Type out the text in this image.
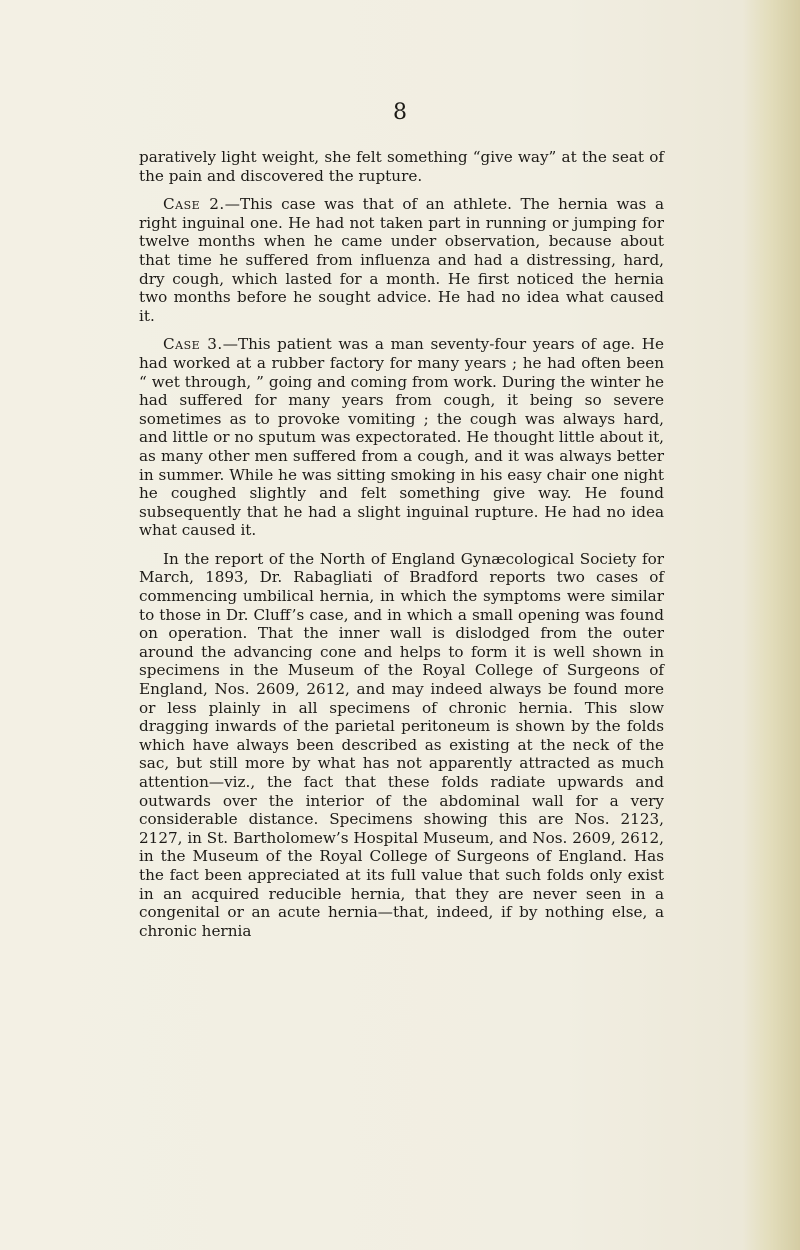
8

paratively light weight, she felt something “give way” at the seat of the pain and discovered the rupture.

Case 2.—This case was that of an athlete. The hernia was a right inguinal one. He had not taken part in running or jumping for twelve months when he came under observation, because about that time he suffered from influenza and had a distressing, hard, dry cough, which lasted for a month. He first noticed the hernia two months before he sought advice. He had no idea what caused it.

Case 3.—This patient was a man seventy-four years of age. He had worked at a rubber factory for many years ; he had often been “ wet through, ” going and coming from work. During the winter he had suffered for many years from cough, it being so severe sometimes as to provoke vomiting ; the cough was always hard, and little or no sputum was expectorated. He thought little about it, as many other men suffered from a cough, and it was always better in summer. While he was sitting smoking in his easy chair one night he coughed slightly and felt something give way. He found subsequently that he had a slight inguinal rupture. He had no idea what caused it.

In the report of the North of England Gynæcological Society for March, 1893, Dr. Rabagliati of Bradford reports two cases of commencing umbilical hernia, in which the symptoms were similar to those in Dr. Cluff’s case, and in which a small opening was found on operation. That the inner wall is dislodged from the outer around the advancing cone and helps to form it is well shown in specimens in the Museum of the Royal College of Surgeons of England, Nos. 2609, 2612, and may indeed always be found more or less plainly in all specimens of chronic hernia. This slow dragging inwards of the parietal peritoneum is shown by the folds which have always been described as existing at the neck of the sac, but still more by what has not apparently attracted as much attention—viz., the fact that these folds radiate upwards and outwards over the interior of the abdominal wall for a very considerable distance. Specimens showing this are Nos. 2123, 2127, in St. Bartholomew’s Hospital Museum, and Nos. 2609, 2612, in the Museum of the Royal College of Surgeons of England. Has the fact been appreciated at its full value that such folds only exist in an acquired reducible hernia, that they are never seen in a congenital or an acute hernia—that, indeed, if by nothing else, a chronic hernia
